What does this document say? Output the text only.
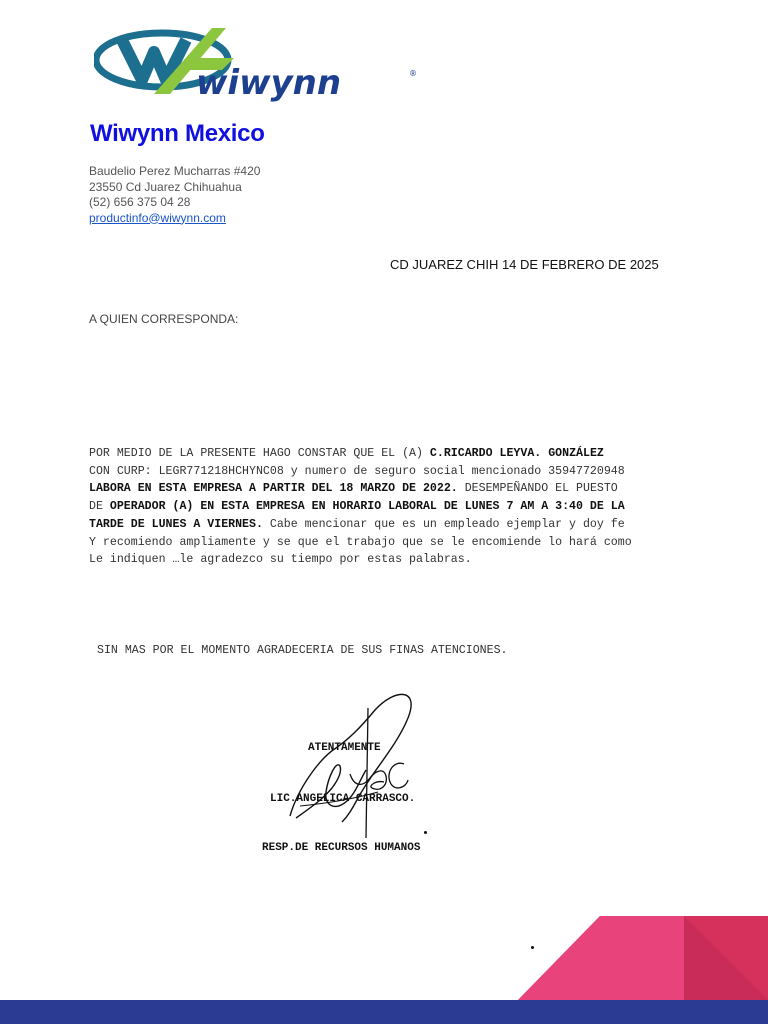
wiwynn	®
Wiwynn Mexico
Baudelio Perez Mucharras #420
23550 Cd Juarez Chihuahua
(52) 656 375 04 28
productinfo@wiwynn.com
CD JUAREZ CHIH 14 DE FEBRERO DE 2025
A QUIEN CORRESPONDA:
POR MEDIO DE LA PRESENTE HAGO CONSTAR QUE EL (A) C.RICARDO LEYVA. GONZÁLEZ
CON CURP: LEGR771218HCHYNC08 y numero de seguro social mencionado 35947720948
LABORA EN ESTA EMPRESA A PARTIR DEL 18 MARZO DE 2022. DESEMPEÑANDO EL PUESTO
DE OPERADOR (A) EN ESTA EMPRESA EN HORARIO LABORAL DE LUNES 7 AM A 3:40 DE LA
TARDE DE LUNES A VIERNES. Cabe mencionar que es un empleado ejemplar y doy fe
Y recomiendo ampliamente y se que el trabajo que se le encomiende lo hará como
Le indiquen …le agradezco su tiempo por estas palabras.
SIN MAS POR EL MOMENTO AGRADECERIA DE SUS FINAS ATENCIONES.
ATENTAMENTE
LIC.ANGELICA CARRASCO.
RESP.DE RECURSOS HUMANOS
